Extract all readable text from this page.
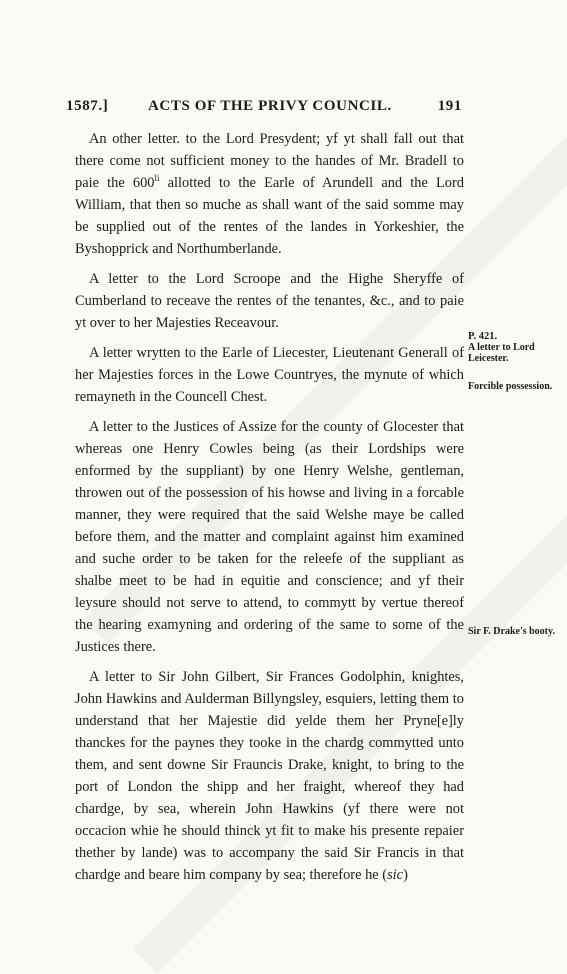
1587.]	ACTS OF THE PRIVY COUNCIL.	191

An other letter. to the Lord Presydent; yf yt shall fall out that there come not sufficient money to the handes of Mr. Bradell to paie the $600^{li}$ allotted to the Earle of Arundell and the Lord William, that then so muche as shall want of the said somme may be supplied out of the rentes of the landes in Yorkeshier, the Byshopprick and Northumberlande.

A letter to the Lord Scroope and the Highe Sheryffe of Cumberland to receave the rentes of the tenantes, &c., and to paie yt over to her Majesties Receavour.

A letter wrytten to the Earle of Liecester, Lieutenant Generall of her Majesties forces in the Lowe Countryes, the mynute of which remayneth in the Councell Chest.

A letter to the Justices of Assize for the county of Glocester that whereas one Henry Cowles being (as their Lordships were enformed by the suppliant) by one Henry Welshe, gentleman, throwen out of the possession of his howse and living in a forcable manner, they were required that the said Welshe maye be called before them, and the matter and complaint against him examined and suche order to be taken for the releefe of the suppliant as shalbe meet to be had in equitie and conscience; and yf their leysure should not serve to attend, to commytt by vertue thereof the hearing examyning and ordering of the same to some of the Justices there.

A letter to Sir John Gilbert, Sir Frances Godolphin, knightes, John Hawkins and Aulderman Billyngsley, esquiers, letting them to understand that her Majestie did yelde them her Pryne[e]ly thanckes for the paynes they tooke in the chardg commytted unto them, and sent downe Sir Frauncis Drake, knight, to bring to the port of London the shipp and her fraight, whereof they had chardge, by sea, wherein John Hawkins (yf there were not occacion whie he should thinck yt fit to make his presente repaier thether by lande) was to accompany the said Sir Francis in that chardge and beare him company by sea; therefore he (sic)

P. 421.
A letter to Lord Leicester.
Forcible possession.
Sir F. Drake's booty.
